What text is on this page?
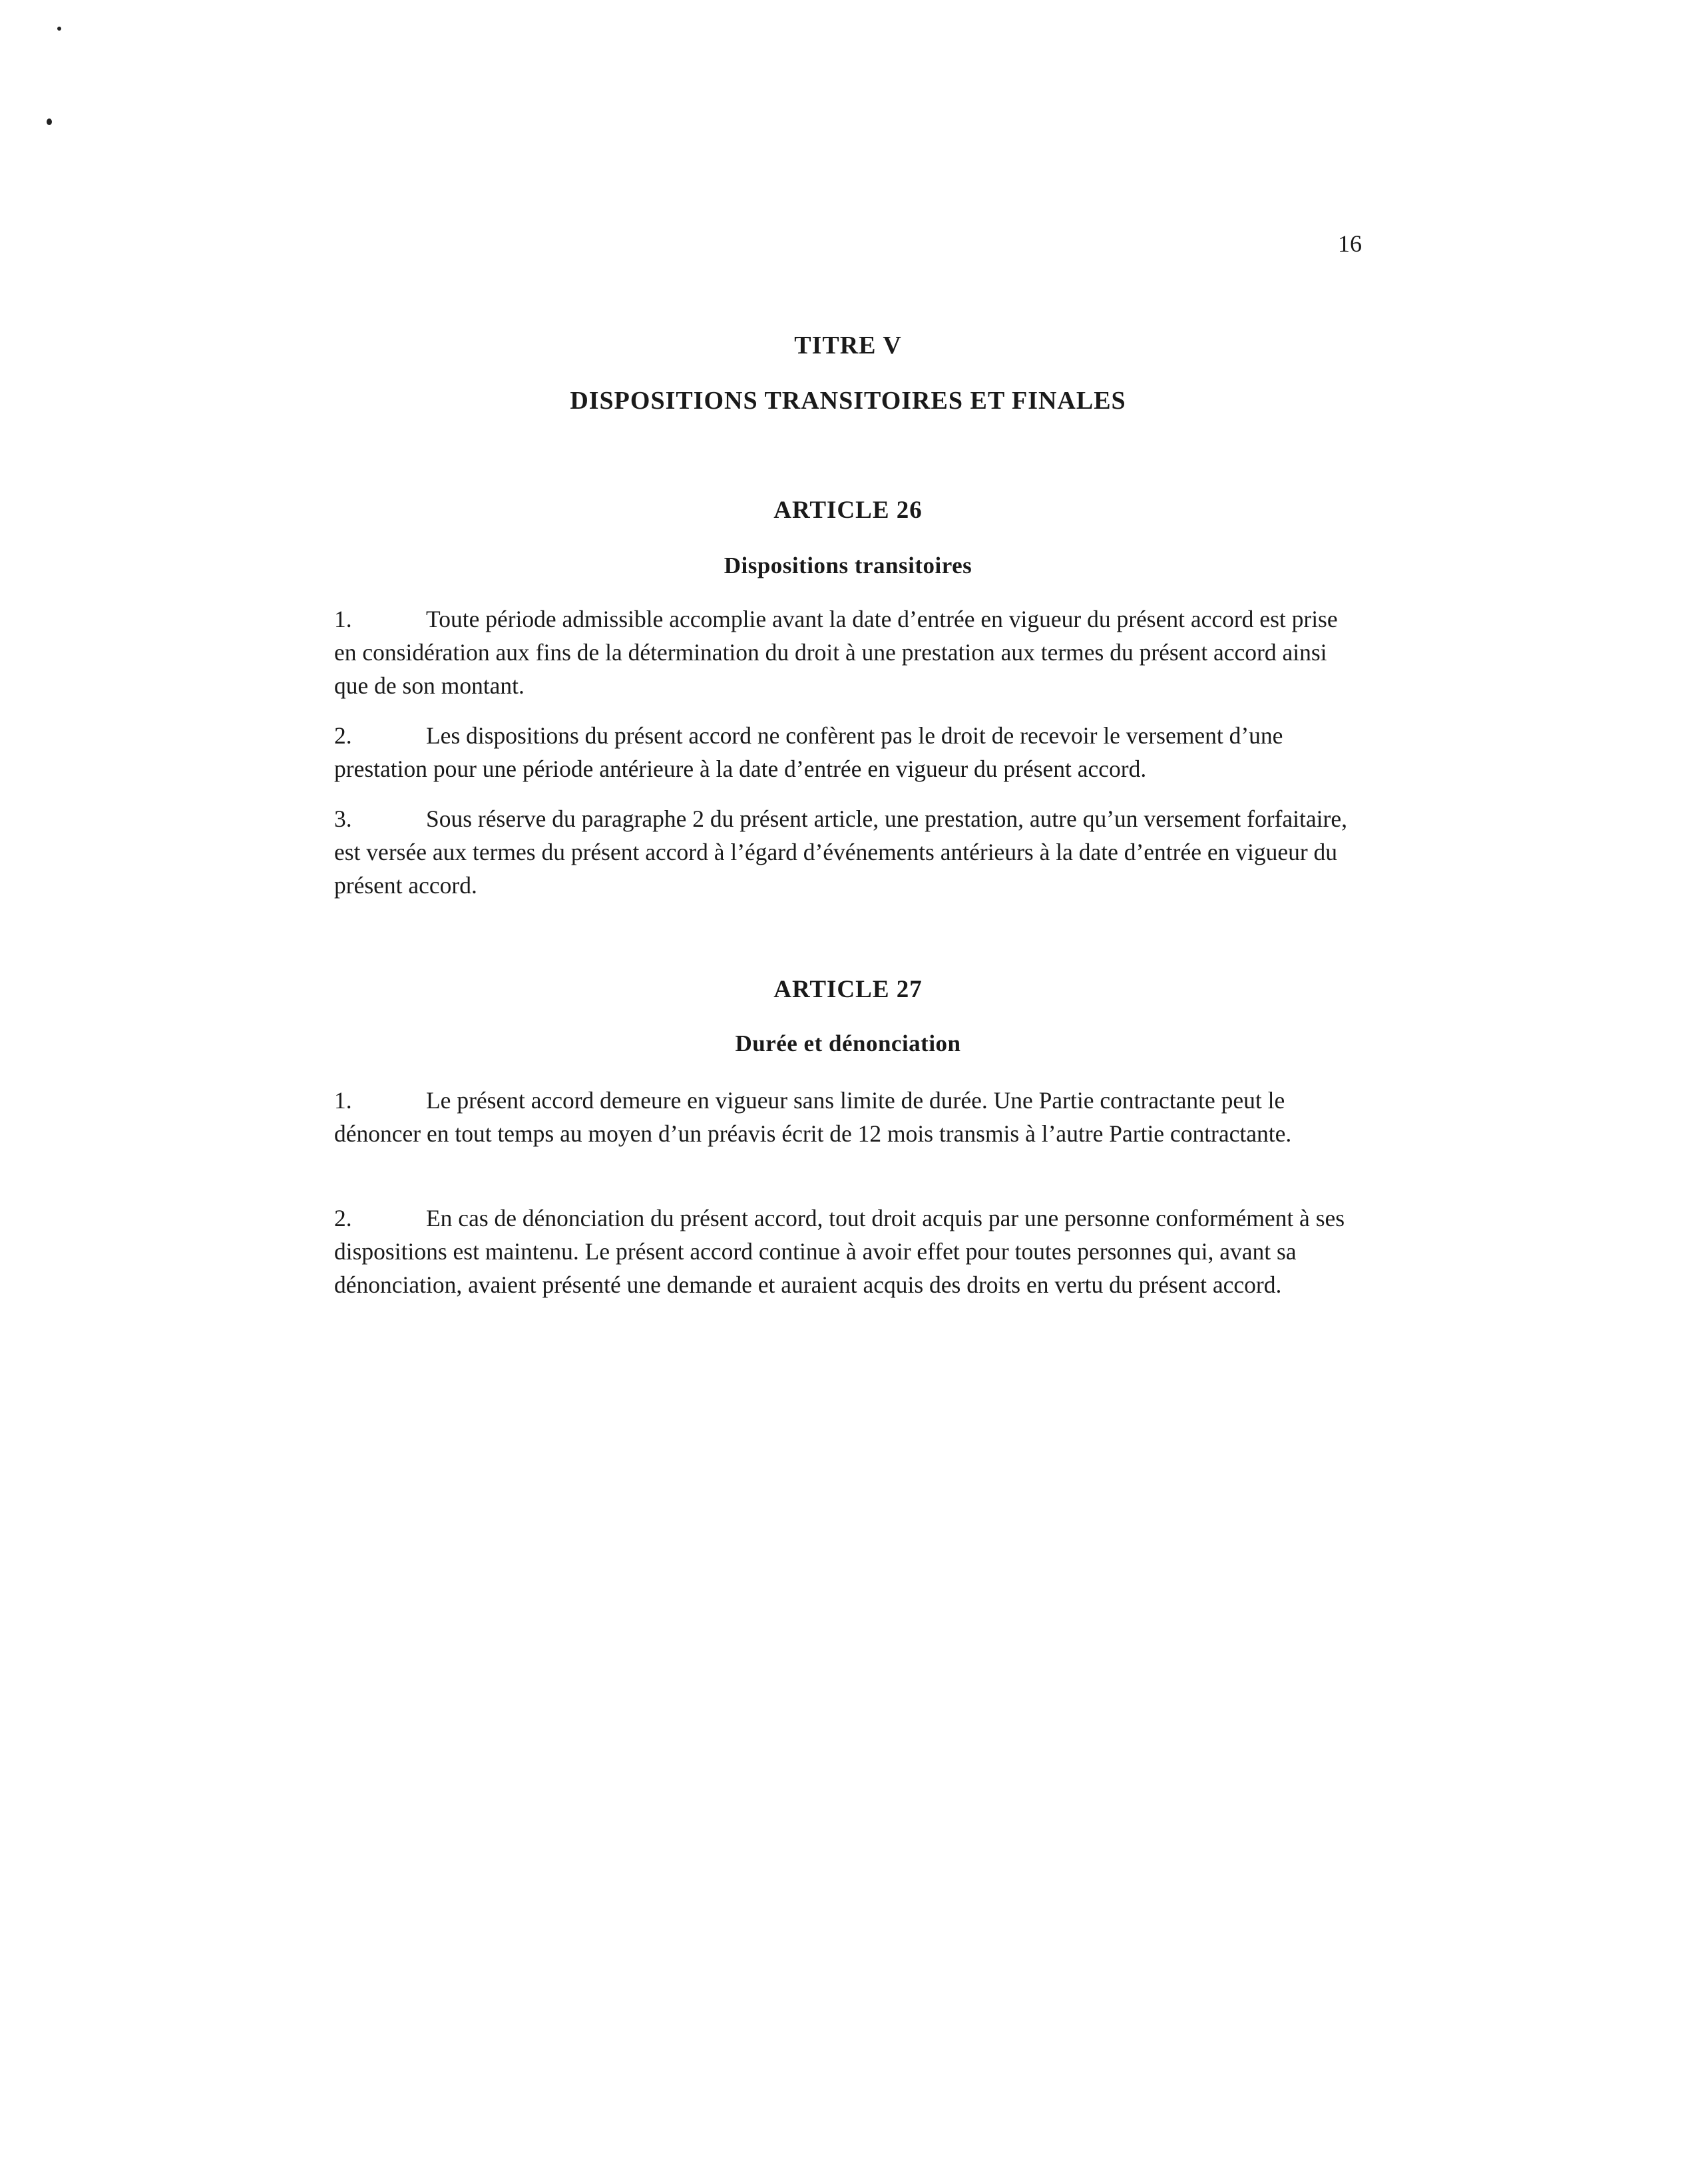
16
TITRE V
DISPOSITIONS TRANSITOIRES ET FINALES
ARTICLE 26
Dispositions transitoires
1.	Toute période admissible accomplie avant la date d’entrée en vigueur du présent accord est prise en considération aux fins de la détermination du droit à une prestation aux termes du présent accord ainsi que de son montant.
2.	Les dispositions du présent accord ne confèrent pas le droit de recevoir le versement d’une prestation pour une période antérieure à la date d’entrée en vigueur du présent accord.
3.	Sous réserve du paragraphe 2 du présent article, une prestation, autre qu’un versement forfaitaire, est versée aux termes du présent accord à l’égard d’événements antérieurs à la date d’entrée en vigueur du présent accord.
ARTICLE 27
Durée et dénonciation
1.	Le présent accord demeure en vigueur sans limite de durée. Une Partie contractante peut le dénoncer en tout temps au moyen d’un préavis écrit de 12 mois transmis à l’autre Partie contractante.
2.	En cas de dénonciation du présent accord, tout droit acquis par une personne conformément à ses dispositions est maintenu. Le présent accord continue à avoir effet pour toutes personnes qui, avant sa dénonciation, avaient présenté une demande et auraient acquis des droits en vertu du présent accord.
